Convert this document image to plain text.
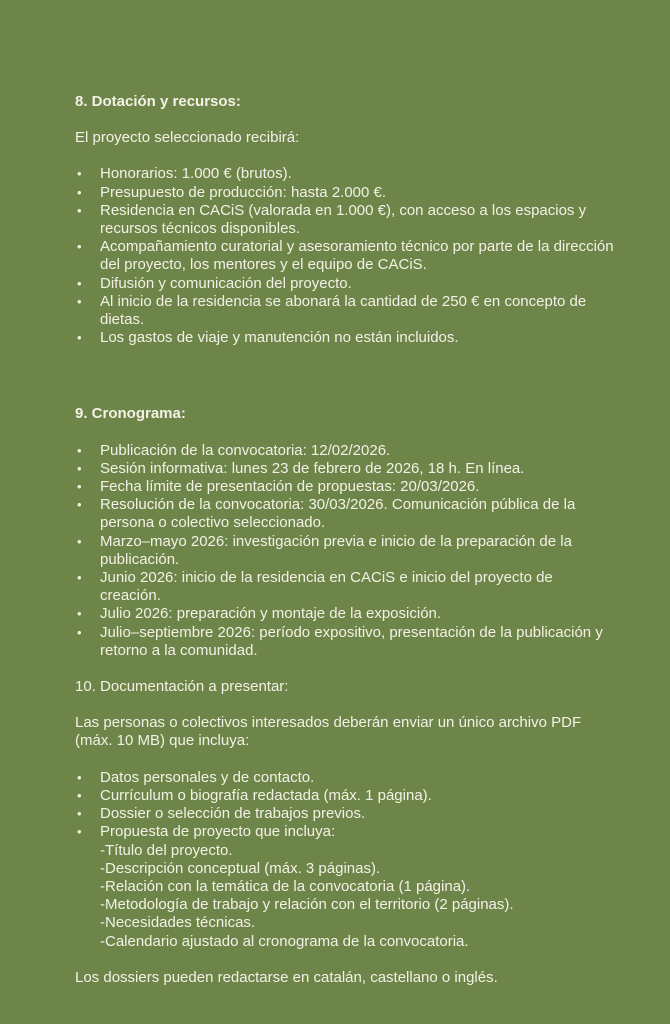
8. Dotación y recursos:

El proyecto seleccionado recibirá:

•	Honorarios: 1.000 € (brutos).
•	Presupuesto de producción: hasta 2.000 €.
•	Residencia en CACiS (valorada en 1.000 €), con acceso a los espacios y recursos técnicos disponibles.
•	Acompañamiento curatorial y asesoramiento técnico por parte de la dirección del proyecto, los mentores y el equipo de CACiS.
•	Difusión y comunicación del proyecto.
•	Al inicio de la residencia se abonará la cantidad de 250 € en concepto de dietas.
•	Los gastos de viaje y manutención no están incluidos.
9. Cronograma:
•	Publicación de la convocatoria: 12/02/2026.
•	Sesión informativa: lunes 23 de febrero de 2026, 18 h. En línea.
•	Fecha límite de presentación de propuestas: 20/03/2026.
•	Resolución de la convocatoria: 30/03/2026. Comunicación pública de la persona o colectivo seleccionado.
•	Marzo–mayo 2026: investigación previa e inicio de la preparación de la publicación.
•	Junio 2026: inicio de la residencia en CACiS e inicio del proyecto de creación.
•	Julio 2026: preparación y montaje de la exposición.
•	Julio–septiembre 2026: período expositivo, presentación de la publicación y retorno a la comunidad.
10. Documentación a presentar:

Las personas o colectivos interesados deberán enviar un único archivo PDF (máx. 10 MB) que incluya:

•	Datos personales y de contacto.
•	Currículum o biografía redactada (máx. 1 página).
•	Dossier o selección de trabajos previos.
•	Propuesta de proyecto que incluya:
-Título del proyecto.
-Descripción conceptual (máx. 3 páginas).
-Relación con la temática de la convocatoria (1 página).
-Metodología de trabajo y relación con el territorio (2 páginas).
-Necesidades técnicas.
-Calendario ajustado al cronograma de la convocatoria.

Los dossiers pueden redactarse en catalán, castellano o inglés.
